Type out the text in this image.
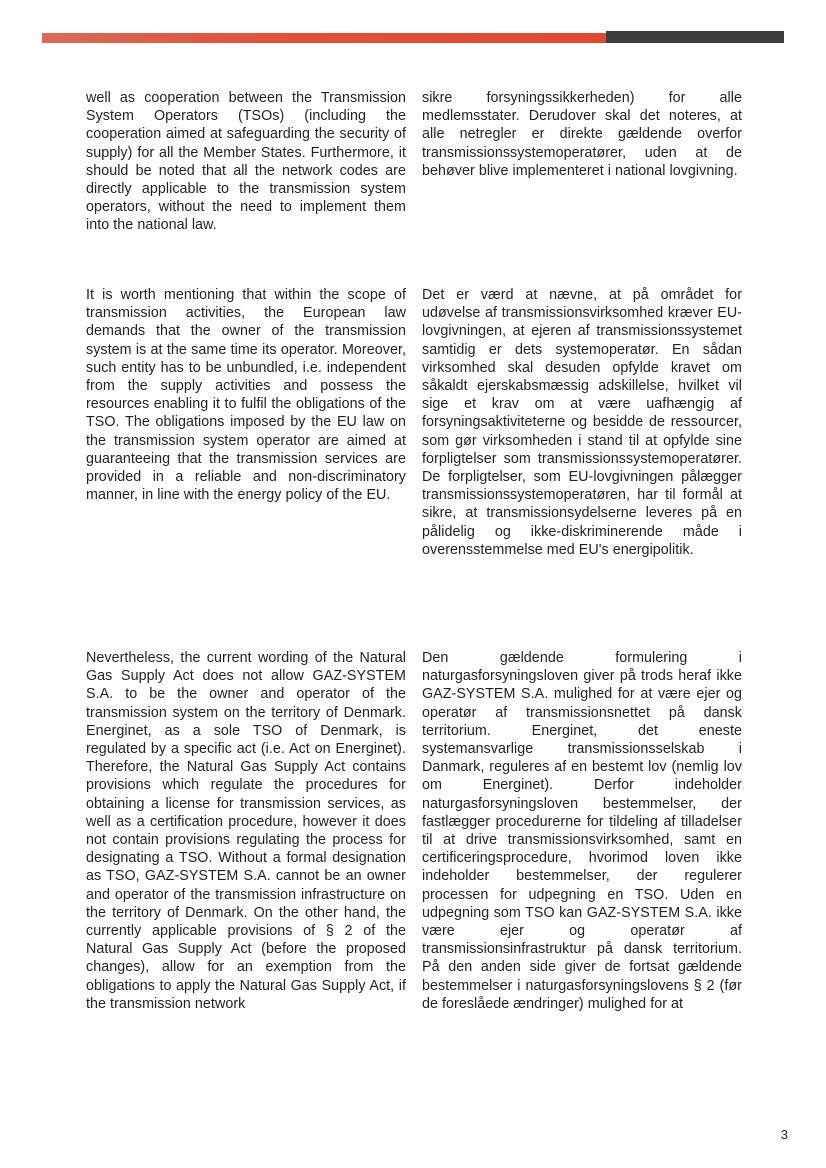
well as cooperation between the Transmission System Operators (TSOs) (including the cooperation aimed at safeguarding the security of supply) for all the Member States. Furthermore, it should be noted that all the network codes are directly applicable to the transmission system operators, without the need to implement them into the national law.

sikre forsyningssikkerheden) for alle medlemsstater. Derudover skal det noteres, at alle netregler er direkte gældende overfor transmissionssystemoperatører, uden at de behøver blive implementeret i national lovgivning.

It is worth mentioning that within the scope of transmission activities, the European law demands that the owner of the transmission system is at the same time its operator. Moreover, such entity has to be unbundled, i.e. independent from the supply activities and possess the resources enabling it to fulfil the obligations of the TSO. The obligations imposed by the EU law on the transmission system operator are aimed at guaranteeing that the transmission services are provided in a reliable and non-discriminatory manner, in line with the energy policy of the EU.

Det er værd at nævne, at på området for udøvelse af transmissionsvirksomhed kræver EU-lovgivningen, at ejeren af transmissionssystemet samtidig er dets systemoperatør. En sådan virksomhed skal desuden opfylde kravet om såkaldt ejerskabsmæssig adskillelse, hvilket vil sige et krav om at være uafhængig af forsyningsaktiviteterne og besidde de ressourcer, som gør virksomheden i stand til at opfylde sine forpligtelser som transmissionssystemoperatører. De forpligtelser, som EU-lovgivningen pålægger transmissionssystemoperatøren, har til formål at sikre, at transmissionsydelserne leveres på en pålidelig og ikke-diskriminerende måde i overensstemmelse med EU's energipolitik.

Nevertheless, the current wording of the Natural Gas Supply Act does not allow GAZ-SYSTEM S.A. to be the owner and operator of the transmission system on the territory of Denmark. Energinet, as a sole TSO of Denmark, is regulated by a specific act (i.e. Act on Energinet). Therefore, the Natural Gas Supply Act contains provisions which regulate the procedures for obtaining a license for transmission services, as well as a certification procedure, however it does not contain provisions regulating the process for designating a TSO. Without a formal designation as TSO, GAZ-SYSTEM S.A. cannot be an owner and operator of the transmission infrastructure on the territory of Denmark. On the other hand, the currently applicable provisions of § 2 of the Natural Gas Supply Act (before the proposed changes), allow for an exemption from the obligations to apply the Natural Gas Supply Act, if the transmission network

Den gældende formulering i naturgasforsyningsloven giver på trods heraf ikke GAZ-SYSTEM S.A. mulighed for at være ejer og operatør af transmissionsnettet på dansk territorium. Energinet, det eneste systemansvarlige transmissionsselskab i Danmark, reguleres af en bestemt lov (nemlig lov om Energinet). Derfor indeholder naturgasforsyningsloven bestemmelser, der fastlægger procedurerne for tildeling af tilladelser til at drive transmissionsvirksomhed, samt en certificeringsprocedure, hvorimod loven ikke indeholder bestemmelser, der regulerer processen for udpegning en TSO. Uden en udpegning som TSO kan GAZ-SYSTEM S.A. ikke være ejer og operatør af transmissionsinfrastruktur på dansk territorium. På den anden side giver de fortsat gældende bestemmelser i naturgasforsyningslovens § 2 (før de foreslåede ændringer) mulighed for at

3
